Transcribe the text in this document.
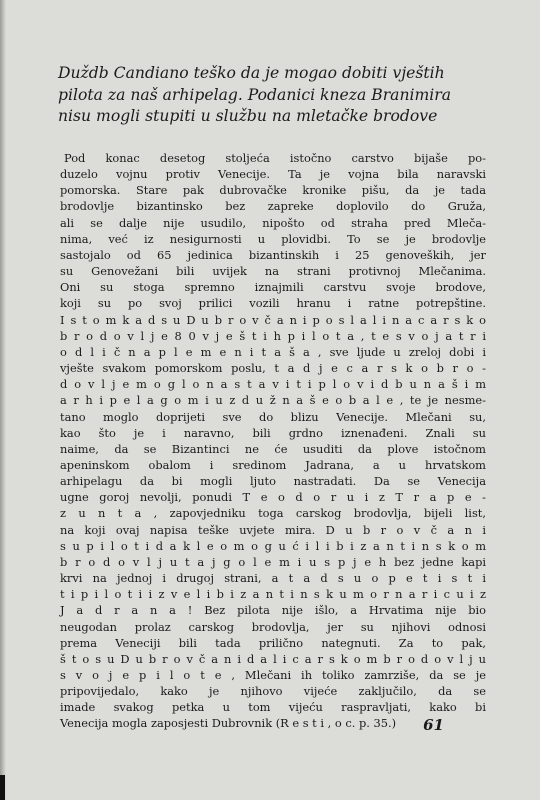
Duždb Candiano teško da je mogao dobiti vještih
pilota za naš arhipelag. Podanici kneza Branimira
nisu mogli stupiti u službu na mletačke brodove
Pod konac desetog stoljeća istočno carstvo bijaše po-
duzelo vojnu protiv Venecije. Ta je vojna bila naravski
pomorska. Stare pak dubrovačke kronike pišu, da je tada
brodovlje bizantinsko bez zapreke doplovilo do Gruža,
ali se dalje nije usudilo, nipošto od straha pred Mleča-
nima, već iz nesigurnosti u plovidbi. To se je brodovlje
sastojalo od 65 jedinica bizantinskih i 25 genoveških, jer
su Genovežani bili uvijek na strani protivnoj Mlečanima.
Oni su stoga spremno iznajmili carstvu svoje brodove,
koji su po svoj prilici vozili hranu i ratne potrepštine.
I s t o m k a d s u D u b r o v č a n i p o s l a l i n a c a r s k o
b r o d o v l j e 8 0 v j e š t i h p i l o t a , t e s v o j a t r i
o d l i č n a p l e m e n i t a š a , sve ljude u zreloj dobi i
vješte svakom pomorskom poslu, t a d j e c a r s k o b r o -
d o v l j e m o g l o n a s t a v i t i p l o v i d b u n a š i m
a r h i p e l a g o m i u z d u ž n a š e o b a l e , te je nesme-
tano moglo doprijeti sve do blizu Venecije. Mlečani su,
kao što je i naravno, bili grdno iznenađeni. Znali su
naime, da se Bizantinci ne će usuditi da plove istočnom
apeninskom obalom i sredinom Jadrana, a u hrvatskom
arhipelagu da bi mogli ljuto nastradati. Da se Venecija
ugne goroj nevolji, ponudi T e o d o r u i z T r a p e -
z u n t a , zapovjedniku toga carskog brodovlja, bijeli list,
na koji ovaj napisa teške uvjete mira. D u b r o v č a n i
s u p i l o t i d a k l e o m o g u ć i l i b i z a n t i n s k o m
b r o d o v l j u t a j g o l e m i u s p j e h bez jedne kapi
krvi na jednoj i drugoj strani, a t a d s u o p e t i s t i
t i p i l o t i i z v e l i b i z a n t i n s k u m o r n a r i c u i z
J a d r a n a ! Bez pilota nije išlo, a Hrvatima nije bio
neugodan prolaz carskog brodovlja, jer su njihovi odnosi
prema Veneciji bili tada prilično nategnuti. Za to pak,
š t o s u D u b r o v č a n i d a l i c a r s k o m b r o d o v l j u
s v o j e p i l o t e , Mlečani ih toliko zamrziše, da se je
pripovijedalo, kako je njihovo vijeće zaključilo, da se
imade svakog petka u tom vijeću raspravljati, kako bi
Venecija mogla zaposjesti Dubrovnik (R e s t i , o c. p. 35.)	61
